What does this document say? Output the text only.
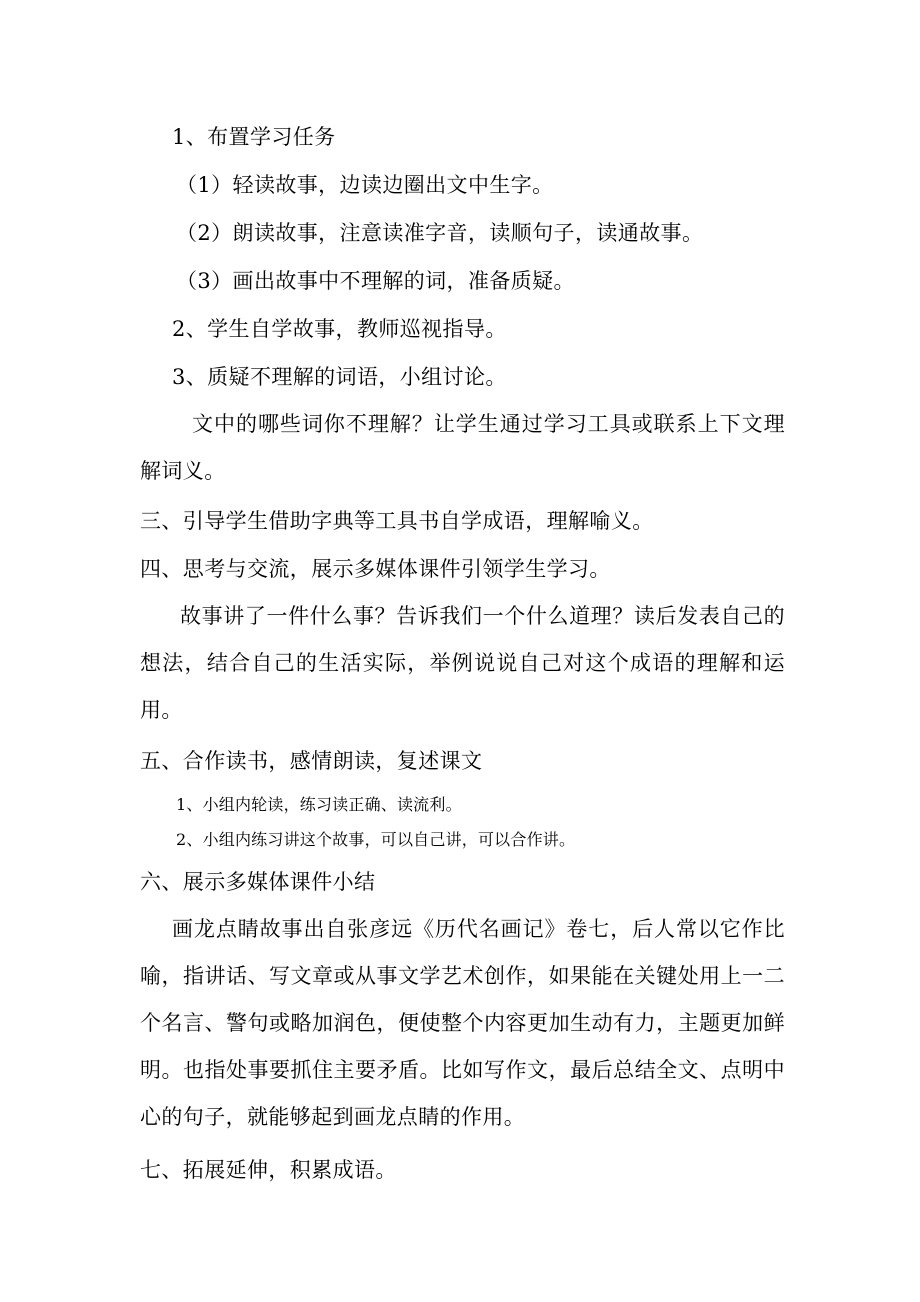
1、布置学习任务
（1）轻读故事，边读边圈出文中生字。
（2）朗读故事，注意读准字音，读顺句子，读通故事。
（3）画出故事中不理解的词，准备质疑。
2、学生自学故事，教师巡视指导。
3、质疑不理解的词语，小组讨论。
文中的哪些词你不理解？让学生通过学习工具或联系上下文理解词义。
三、引导学生借助字典等工具书自学成语，理解喻义。
四、思考与交流，展示多媒体课件引领学生学习。
故事讲了一件什么事？告诉我们一个什么道理？读后发表自己的想法，结合自己的生活实际，举例说说自己对这个成语的理解和运用。
五、合作读书，感情朗读，复述课文
1、小组内轮读，练习读正确、读流利。
2、小组内练习讲这个故事，可以自己讲，可以合作讲。
六、展示多媒体课件小结
画龙点睛故事出自张彦远《历代名画记》卷七，后人常以它作比喻，指讲话、写文章或从事文学艺术创作，如果能在关键处用上一二个名言、警句或略加润色，便使整个内容更加生动有力，主题更加鲜明。也指处事要抓住主要矛盾。比如写作文，最后总结全文、点明中心的句子，就能够起到画龙点睛的作用。
七、拓展延伸，积累成语。
